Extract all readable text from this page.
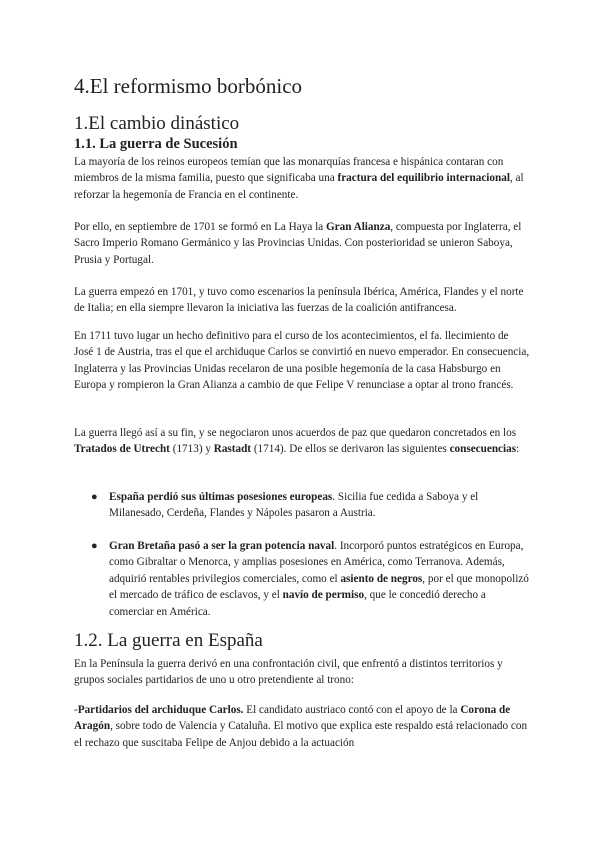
4.El reformismo borbónico
1.El cambio dinástico
1.1. La guerra de Sucesión

La mayoría de los reinos europeos temían que las monarquías francesa e hispánica contaran con miembros de la misma familia, puesto que significaba una fractura del equilibrio internacional, al reforzar la hegemonía de Francia en el continente.

Por ello, en septiembre de 1701 se formó en La Haya la Gran Alianza, compuesta por Inglaterra, el Sacro Imperio Romano Germánico y las Provincias Unidas. Con posterioridad se unieron Saboya, Prusia y Portugal.

La guerra empezó en 1701, y tuvo como escenarios la península Ibérica, América, Flandes y el norte de Italia; en ella siempre llevaron la iniciativa las fuerzas de la coalición antifrancesa.

En 1711 tuvo lugar un hecho definitivo para el curso de los acontecimientos, el fa. llecimiento de José 1 de Austria, tras el que el archiduque Carlos se convirtió en nuevo emperador. En consecuencia, Inglaterra y las Provincias Unidas recelaron de una posible hegemonía de la casa Habsburgo en Europa y rompieron la Gran Alianza a cambio de que Felipe V renunciase a optar al trono francés.

La guerra llegó así a su fin, y se negociaron unos acuerdos de paz que quedaron concretados en los Tratados de Utrecht (1713) y Rastadt (1714). De ellos se derivaron las siguientes consecuencias:

● España perdió sus últimas posesiones europeas. Sicilia fue cedida a Saboya y el Milanesado, Cerdeña, Flandes y Nápoles pasaron a Austria.

● Gran Bretaña pasó a ser la gran potencia naval. Incorporó puntos estratégicos en Europa, como Gibraltar o Menorca, y amplias posesiones en América, como Terranova. Además, adquirió rentables privilegios comerciales, como el asiento de negros, por el que monopolizó el mercado de tráfico de esclavos, y el navío de permiso, que le concedió derecho a comerciar en América.

1.2. La guerra en España

En la Península la guerra derivó en una confrontación civil, que enfrentó a distintos territorios y grupos sociales partidarios de uno u otro pretendiente al trono:

-Partidarios del archiduque Carlos. El candidato austriaco contó con el apoyo de la Corona de Aragón, sobre todo de Valencia y Cataluña. El motivo que explica este respaldo está relacionado con el rechazo que suscitaba Felipe de Anjou debido a la actuación
